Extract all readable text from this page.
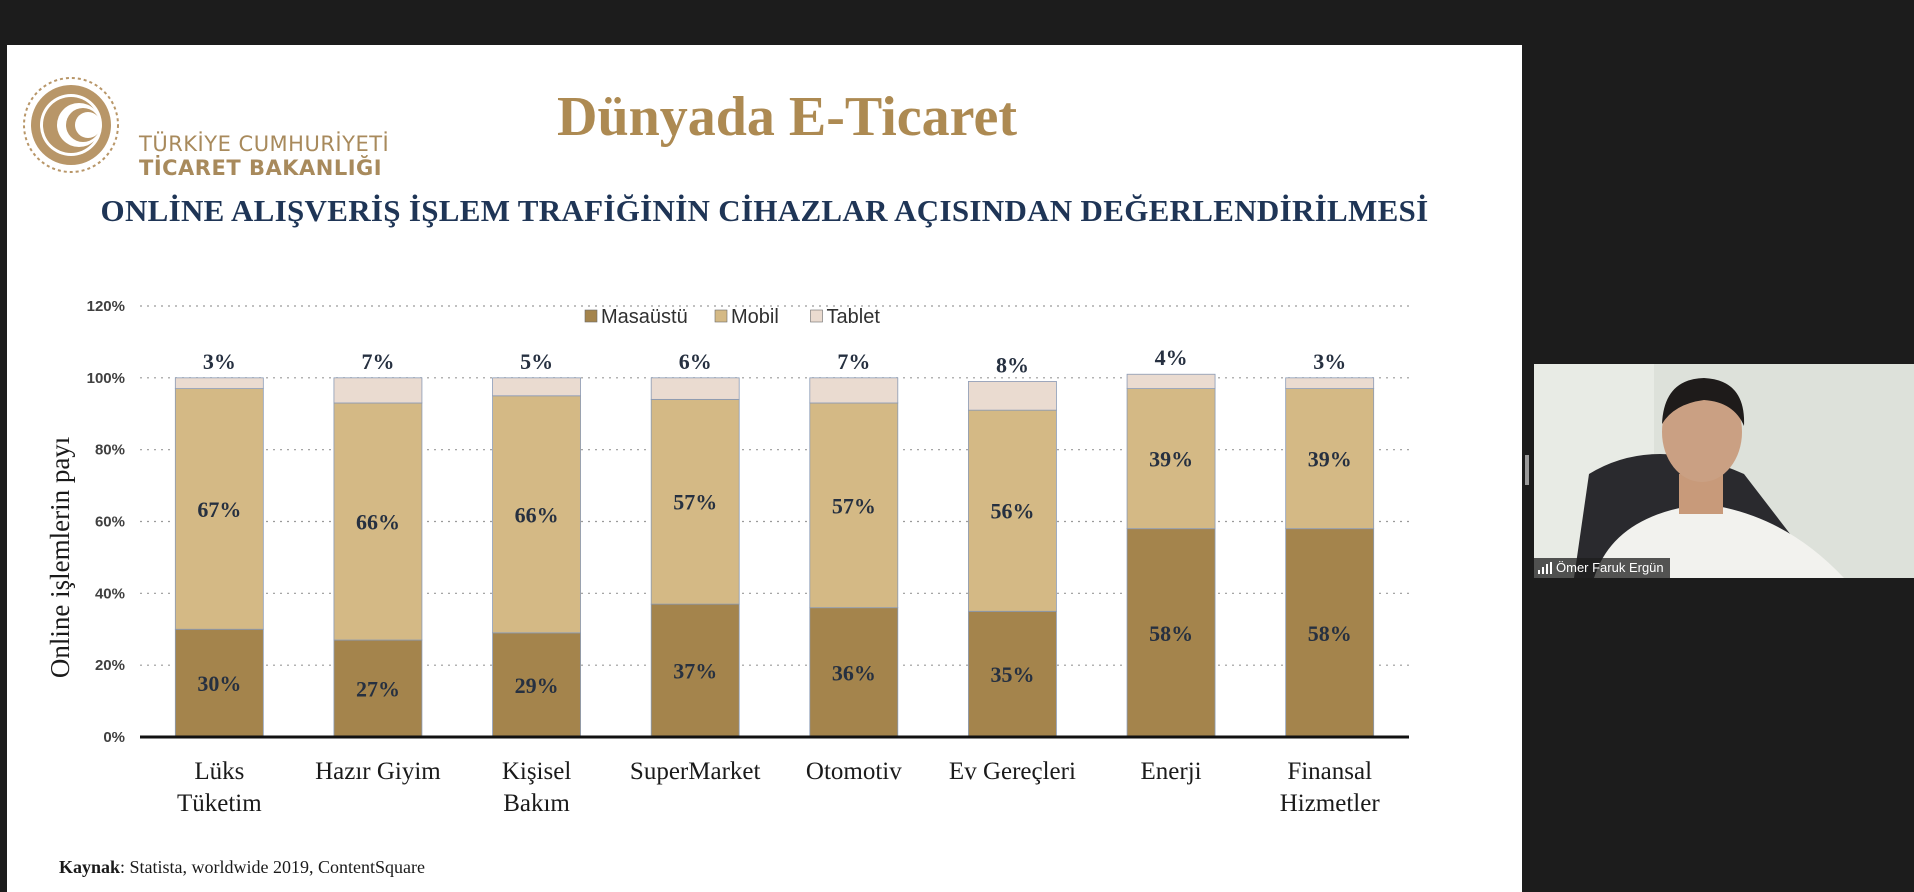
TÜRKİYE CUMHURİYETİ
TİCARET BAKANLIĞI
Dünyada E-Ticaret
ONLİNE ALIŞVERİŞ İŞLEM TRAFİĞİNİN CİHAZLAR AÇISINDAN DEĞERLENDİRİLMESİ
0%
20%
40%
60%
80%
100%
120%
Online işlemlerin payı
30%
67%
3%
Lüks
Tüketim
27%
66%
7%
Hazır Giyim
29%
66%
5%
Kişisel
Bakım
37%
57%
6%
SuperMarket
36%
57%
7%
Otomotiv
35%
56%
8%
Ev Gereçleri
58%
39%
4%
Enerji
58%
39%
3%
Finansal
Hizmetler
Masaüstü Mobil Tablet
Kaynak: Statista, worldwide 2019, ContentSquare
Ömer Faruk Ergün
